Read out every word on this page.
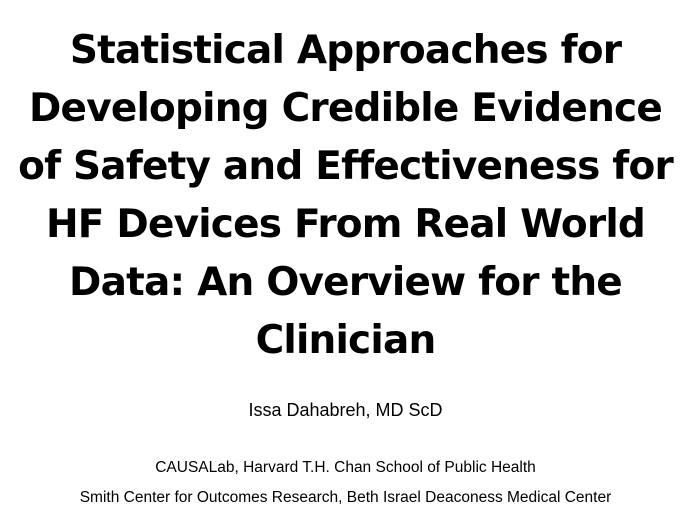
Statistical Approaches for
Developing Credible Evidence
of Safety and Effectiveness for
HF Devices From Real World
Data: An Overview for the
Clinician
Issa Dahabreh, MD ScD
CAUSALab, Harvard T.H. Chan School of Public Health
Smith Center for Outcomes Research, Beth Israel Deaconess Medical Center
